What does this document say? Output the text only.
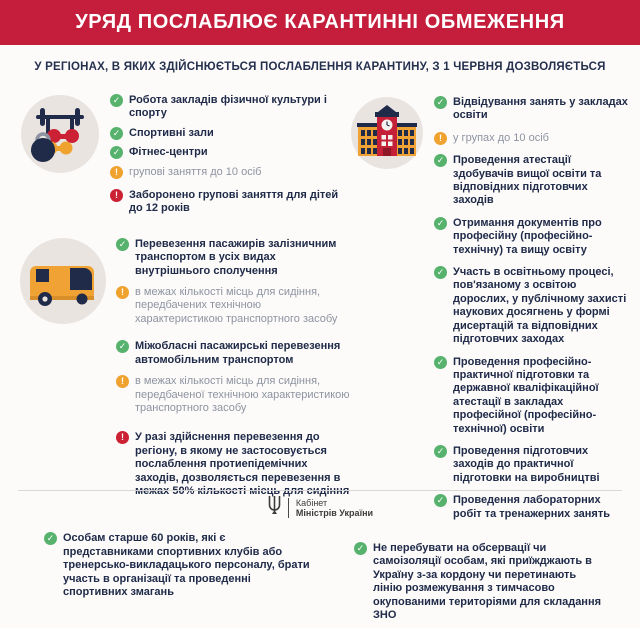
УРЯД ПОСЛАБЛЮЄ КАРАНТИННІ ОБМЕЖЕННЯ
У РЕГІОНАХ, В ЯКИХ ЗДІЙСНЮЄТЬСЯ ПОСЛАБЛЕННЯ КАРАНТИНУ, З 1 ЧЕРВНЯ ДОЗВОЛЯЄТЬСЯ
✓ Робота закладів фізичної культури і спорту
✓ Спортивні зали
✓ Фітнес-центри
!	групові заняття до 10 осіб
!	Заборонено групові заняття для дітей до 12 років
✓ Перевезення пасажирів залізничним транспортом в усіх видах внутрішнього сполучення
!	в межах кількості місць для сидіння, передбачених технічною характеристикою транспортного засобу
✓ Міжобласні пасажирські перевезення автомобільним транспортом
!	в межах кількості місць для сидіння, передбаченої технічною характеристикою транспортного засобу
!	У разі здійснення перевезення до регіону, в якому не застосовується послаблення протиепідемічних заходів, дозволяється перевезення в межах 50% кількості місць для сидіння
✓ Особам старше 60 років, які є представниками спортивних клубів або тренерсько-викладацького персоналу, брати участь в організації та проведенні спортивних змагань
✓ Відвідування занять у закладах освіти
!	у групах до 10 осіб
✓ Проведення атестації здобувачів вищої освіти та відповідних підготовчих заходів
✓ Отримання документів про професійну (професійно-технічну) та вищу освіту
✓ Участь в освітньому процесі, пов'язаному з освітою дорослих, у публічному захисті наукових досягнень у формі дисертацій та відповідних підготовчих заходах
✓ Проведення професійно-практичної підготовки та державної кваліфікаційної атестації в закладах професійної (професійно-технічної) освіти
✓ Проведення підготовчих заходів до практичної підготовки на виробництві
✓ Проведення лабораторних робіт та тренажерних занять
✓ Не перебувати на обсервації чи самоізоляції особам, які приїжджають в Україну з-за кордону чи перетинають лінію розмежування з тимчасово окупованими територіями для складання ЗНО
Кабінет
Міністрів України
